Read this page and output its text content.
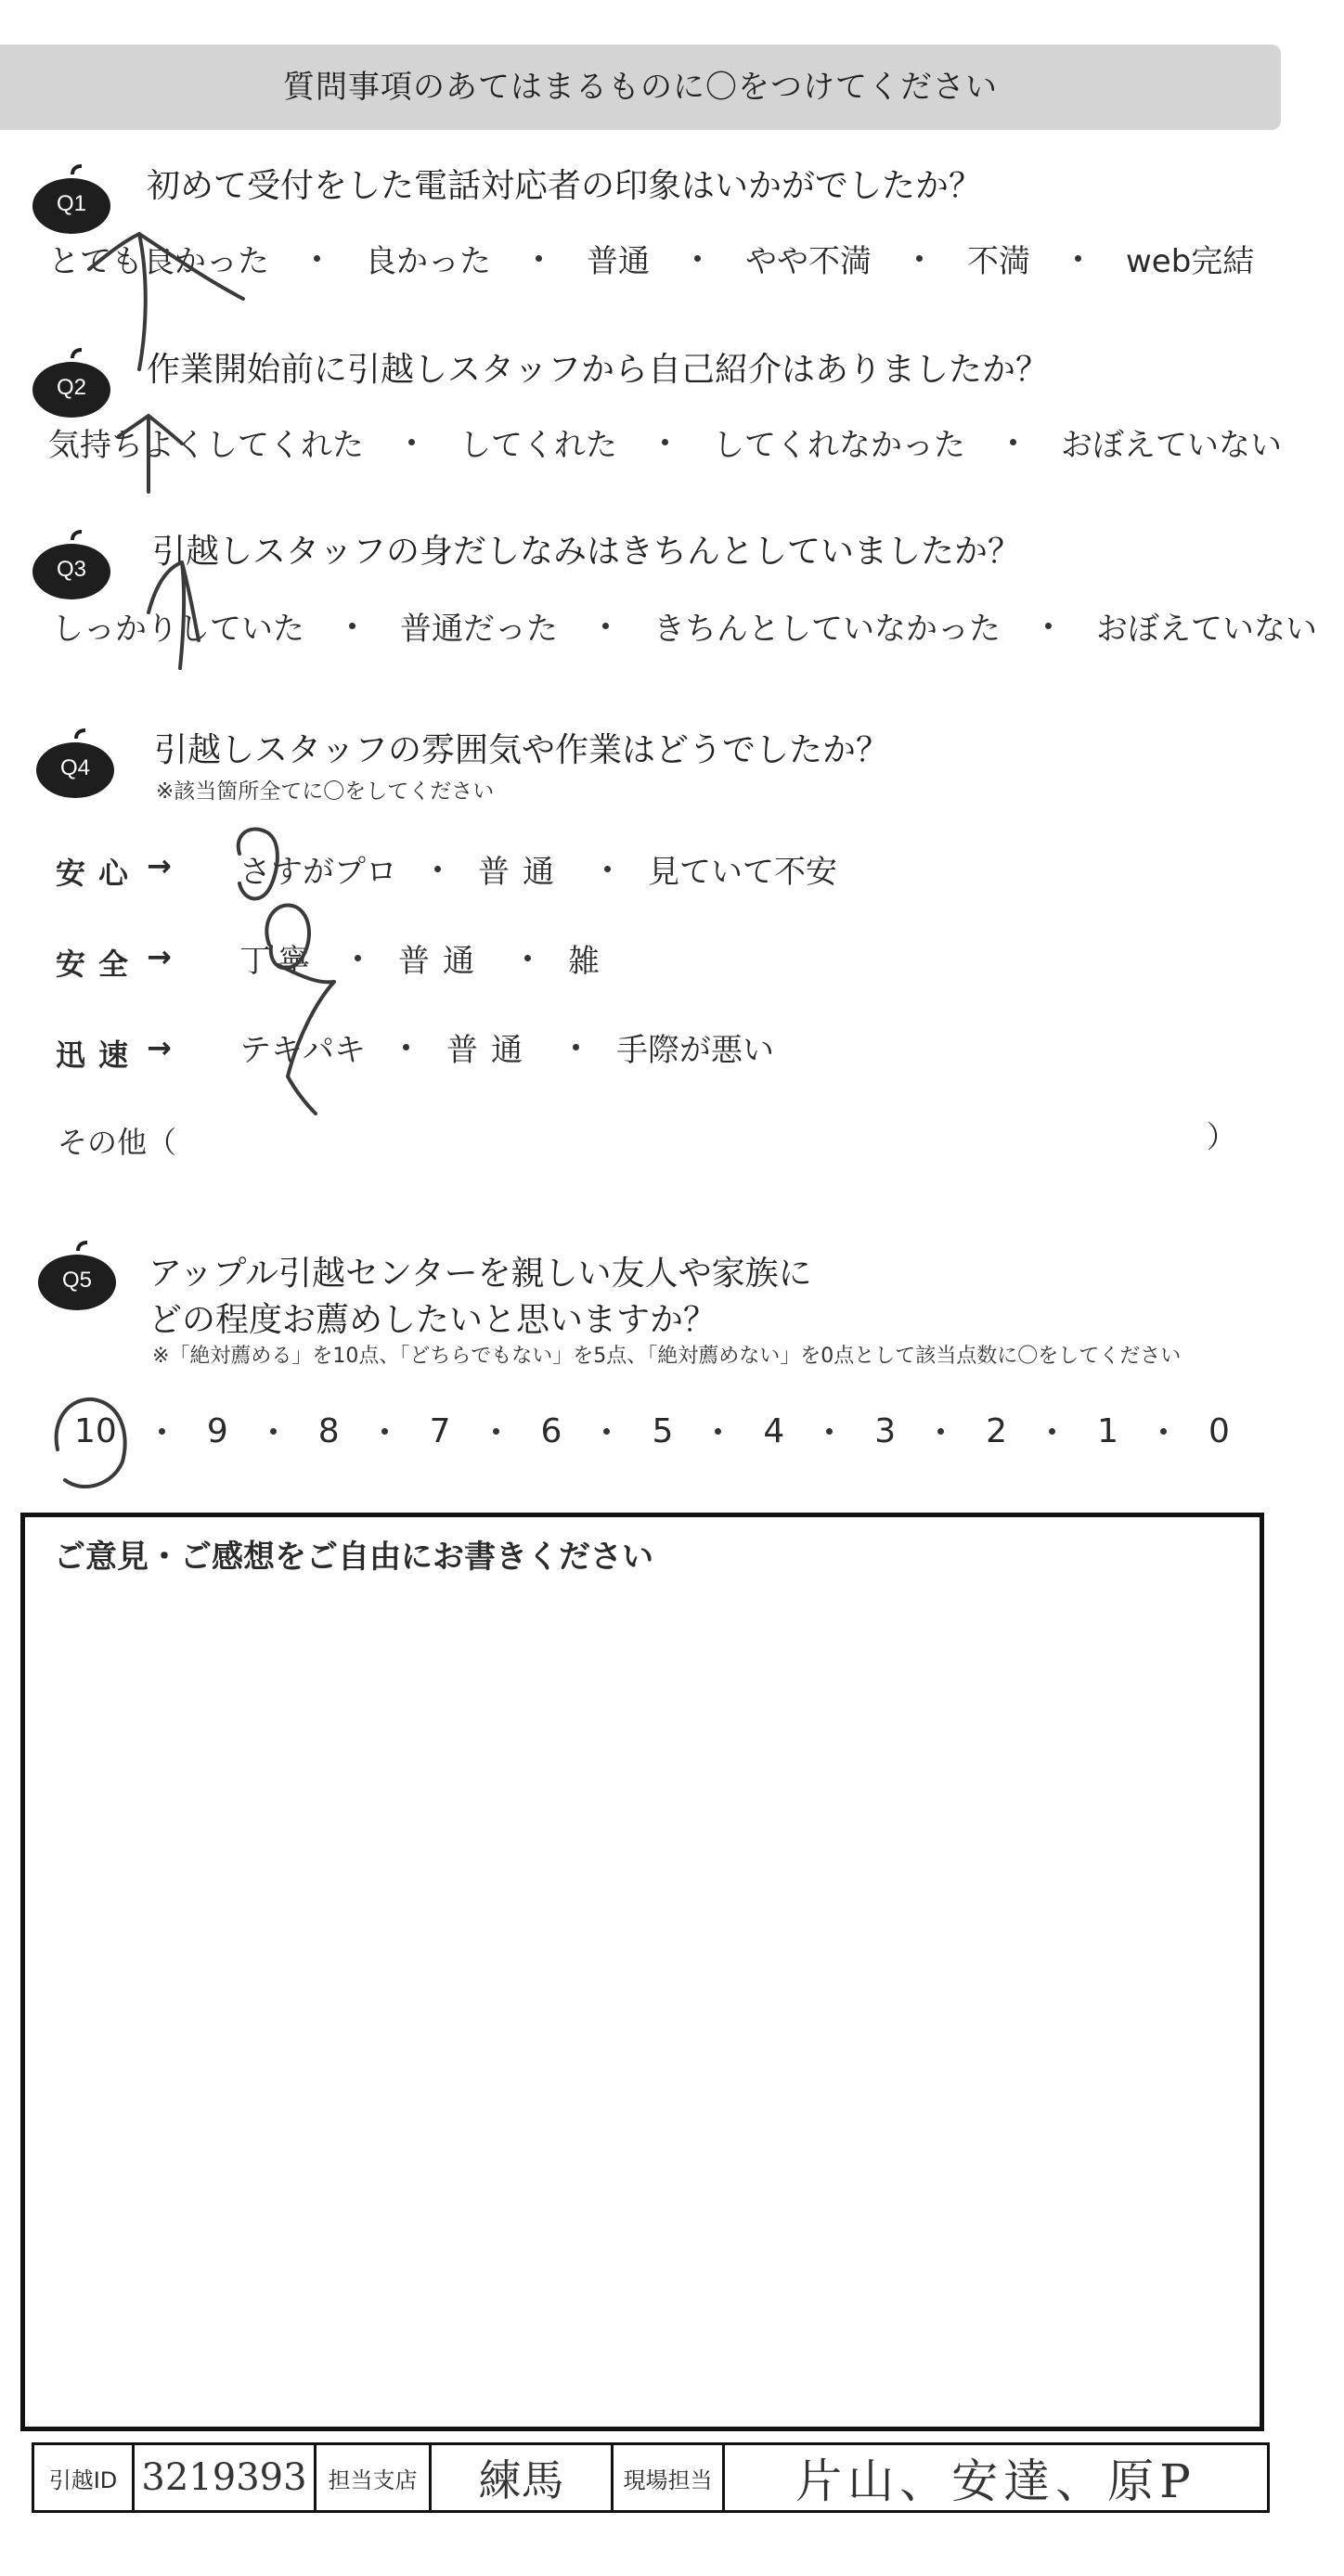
質問事項のあてはまるものに〇をつけてください
Q1	初めて受付をした電話対応者の印象はいかがでしたか？
とても良かった	良かった	普通	やや不満	不満	web完結
Q2	作業開始前に引越しスタッフから自己紹介はありましたか？
気持ちよくしてくれた	してくれた	してくれなかった	おぼえていない
Q3	引越しスタッフの身だしなみはきちんとしていましたか？
しっかりしていた	普通だった	きちんとしていなかった	おぼえていない
Q4	引越しスタッフの雰囲気や作業はどうでしたか？
※該当箇所全てに〇をしてください
安心 → さすがプロ	普通	見ていて不安
安全 → 丁寧	普通	雑
迅速 → テキパキ	普通	手際が悪い
その他（	）
Q5	アップル引越センターを親しい友人や家族に
どの程度お薦めしたいと思いますか？
※「絶対薦める」を10点、「どちらでもない」を5点、「絶対薦めない」を0点として該当点数に〇をしてください
10	9	8	7	6	5	4	3	2	1	0
ご意見・ご感想をご自由にお書きください
引越ID 3219393 担当支店 練馬	現場担当 片山、安達、原P
